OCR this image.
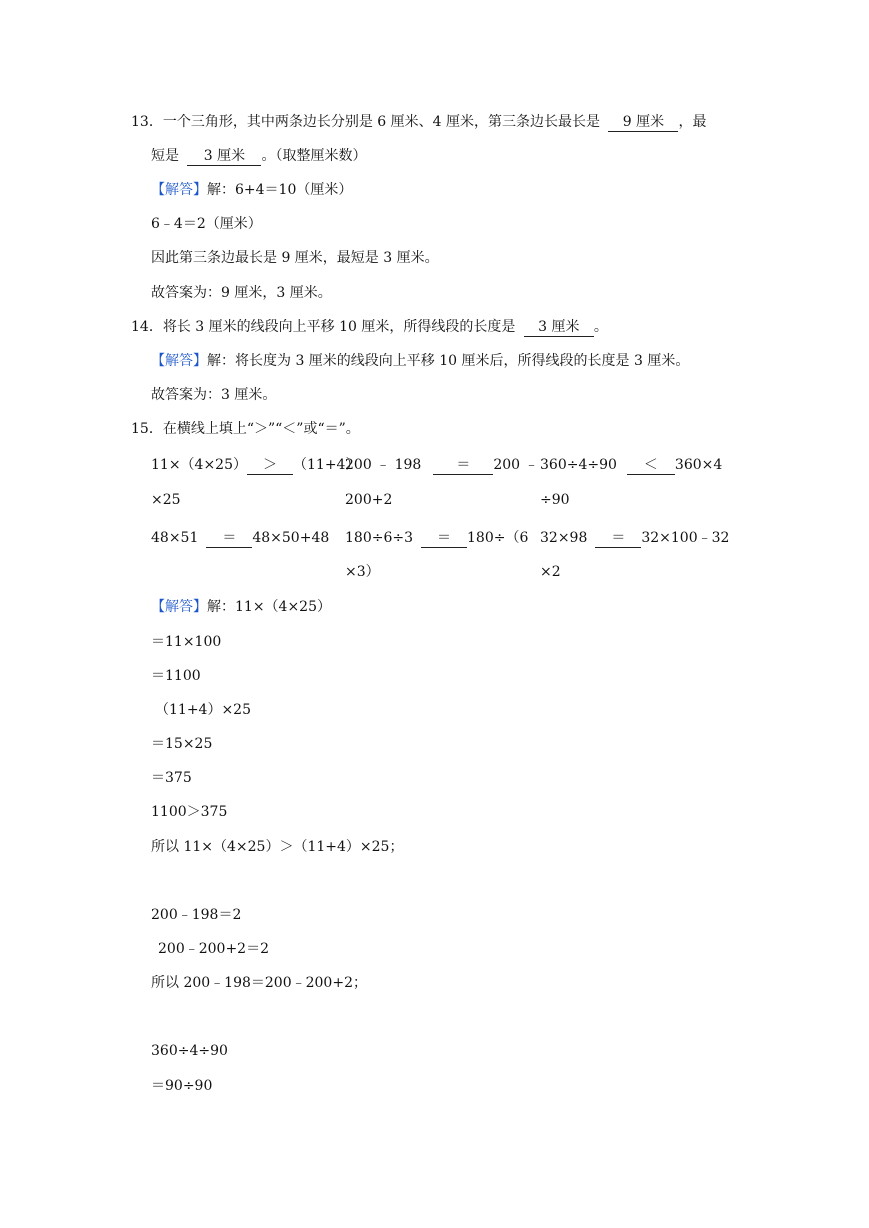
13．一个三角形，其中两条边长分别是 6 厘米、4 厘米，第三条边长最长是 9 厘米 ，最
短是 3 厘米 。（取整厘米数）
【解答】解：6+4＝10（厘米）
6﹣4＝2（厘米）
因此第三条边最长是 9 厘米，最短是 3 厘米。
故答案为：9 厘米，3 厘米。
14．将长 3 厘米的线段向上平移 10 厘米，所得线段的长度是 3 厘米 。
【解答】解：将长度为 3 厘米的线段向上平移 10 厘米后，所得线段的长度是 3 厘米。
故答案为：3 厘米。
15．在横线上填上“＞”“＜”或“＝”。
11×（4×25） ＞ （11+4）
×25
200 ﹣ 198	＝ 200 ﹣
200+2
360÷4÷90 ＜ 360×4
÷90
48×51 ＝ 48×50+48 180÷6÷3 ＝ 180÷（6
×3）
32×98 ＝ 32×100﹣32
×2
【解答】解：11×（4×25）
＝11×100
＝1100
（11+4）×25
＝15×25
＝375
1100＞375
所以 11×（4×25）＞（11+4）×25；
200﹣198＝2
200﹣200+2＝2
所以 200﹣198＝200﹣200+2；
360÷4÷90
＝90÷90
